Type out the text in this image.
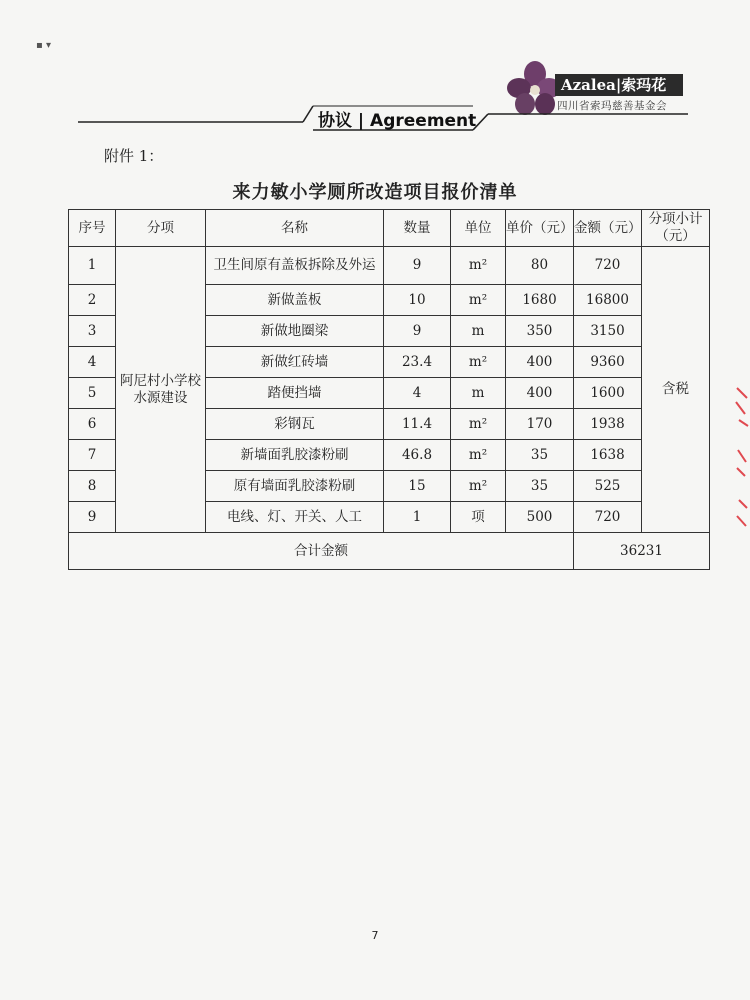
▪ ▾
Azalea|索玛花
四川省索玛慈善基金会
协议 | Agreement
附件 1：
来力敏小学厕所改造项目报价清单
序号	分项	名称	数量	单位	单价（元）	金额（元）	分项小计（元）
1	阿尼村小学校水源建设	卫生间原有盖板拆除及外运	9	m²	80	720	含税
2		新做盖板	10	m²	1680	16800	
3		新做地圈梁	9	m	350	3150	
4		新做红砖墙	23.4	m²	400	9360	
5		踏便挡墙	4	m	400	1600	
6		彩钢瓦	11.4	m²	170	1938	
7		新墙面乳胶漆粉刷	46.8	m²	35	1638	
8		原有墙面乳胶漆粉刷	15	m²	35	525	
9		电线、灯、开关、人工	1	项	500	720	
合计金额						36231	
7
